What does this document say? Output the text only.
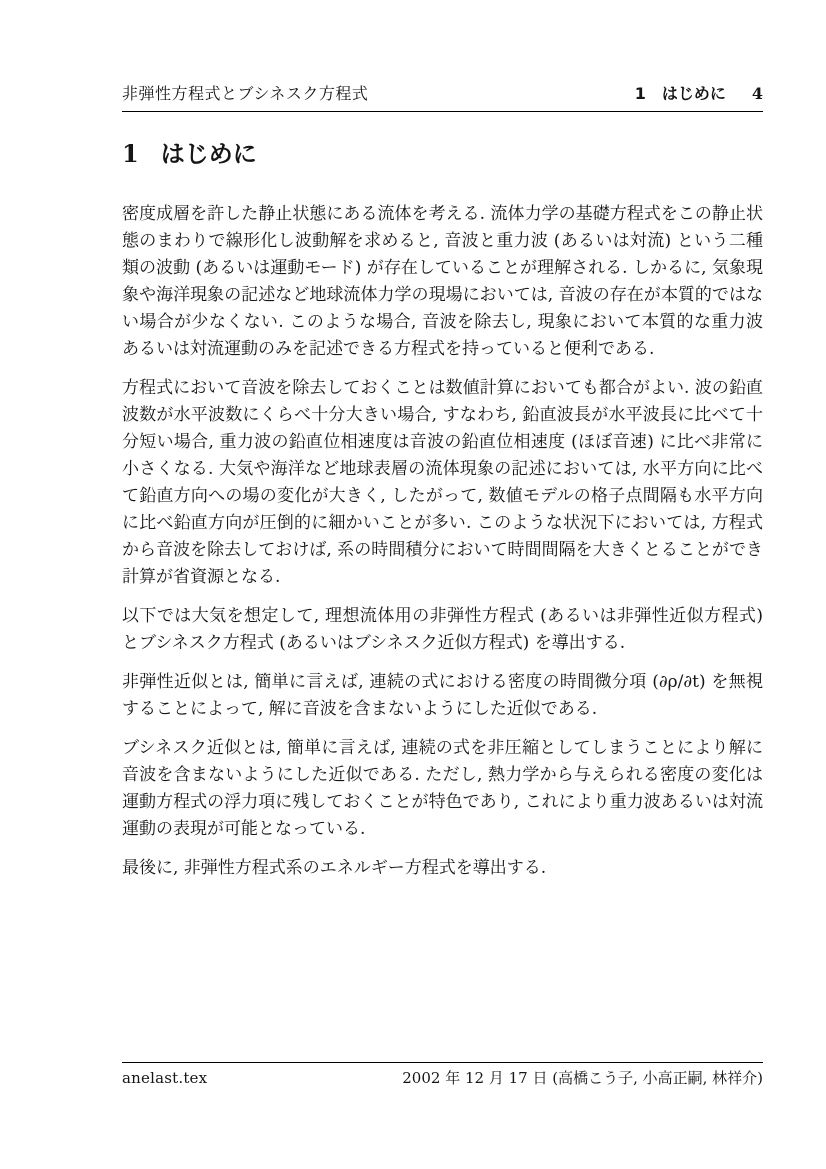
非弾性方程式とブシネスク方程式	1　はじめに 4
1 はじめに

密度成層を許した静止状態にある流体を考える. 流体力学の基礎方程式をこの静止状態のまわりで線形化し波動解を求めると, 音波と重力波 (あるいは対流) という二種類の波動 (あるいは運動モード) が存在していることが理解される. しかるに, 気象現象や海洋現象の記述など地球流体力学の現場においては, 音波の存在が本質的ではない場合が少なくない. このような場合, 音波を除去し, 現象において本質的な重力波あるいは対流運動のみを記述できる方程式を持っていると便利である.

方程式において音波を除去しておくことは数値計算においても都合がよい. 波の鉛直波数が水平波数にくらべ十分大きい場合, すなわち, 鉛直波長が水平波長に比べて十分短い場合, 重力波の鉛直位相速度は音波の鉛直位相速度 (ほぼ音速) に比べ非常に小さくなる. 大気や海洋など地球表層の流体現象の記述においては, 水平方向に比べて鉛直方向への場の変化が大きく, したがって, 数値モデルの格子点間隔も水平方向に比べ鉛直方向が圧倒的に細かいことが多い. このような状況下においては, 方程式から音波を除去しておけば, 系の時間積分において時間間隔を大きくとることができ計算が省資源となる.

以下では大気を想定して, 理想流体用の非弾性方程式 (あるいは非弾性近似方程式) とブシネスク方程式 (あるいはブシネスク近似方程式) を導出する.

非弾性近似とは, 簡単に言えば, 連続の式における密度の時間微分項 (∂ρ/∂t) を無視することによって, 解に音波を含まないようにした近似である.

ブシネスク近似とは, 簡単に言えば, 連続の式を非圧縮としてしまうことにより解に音波を含まないようにした近似である. ただし, 熱力学から与えられる密度の変化は運動方程式の浮力項に残しておくことが特色であり, これにより重力波あるいは対流運動の表現が可能となっている.

最後に, 非弾性方程式系のエネルギー方程式を導出する.

anelast.tex	2002 年 12 月 17 日 (高橋こう子, 小高正嗣, 林祥介)
